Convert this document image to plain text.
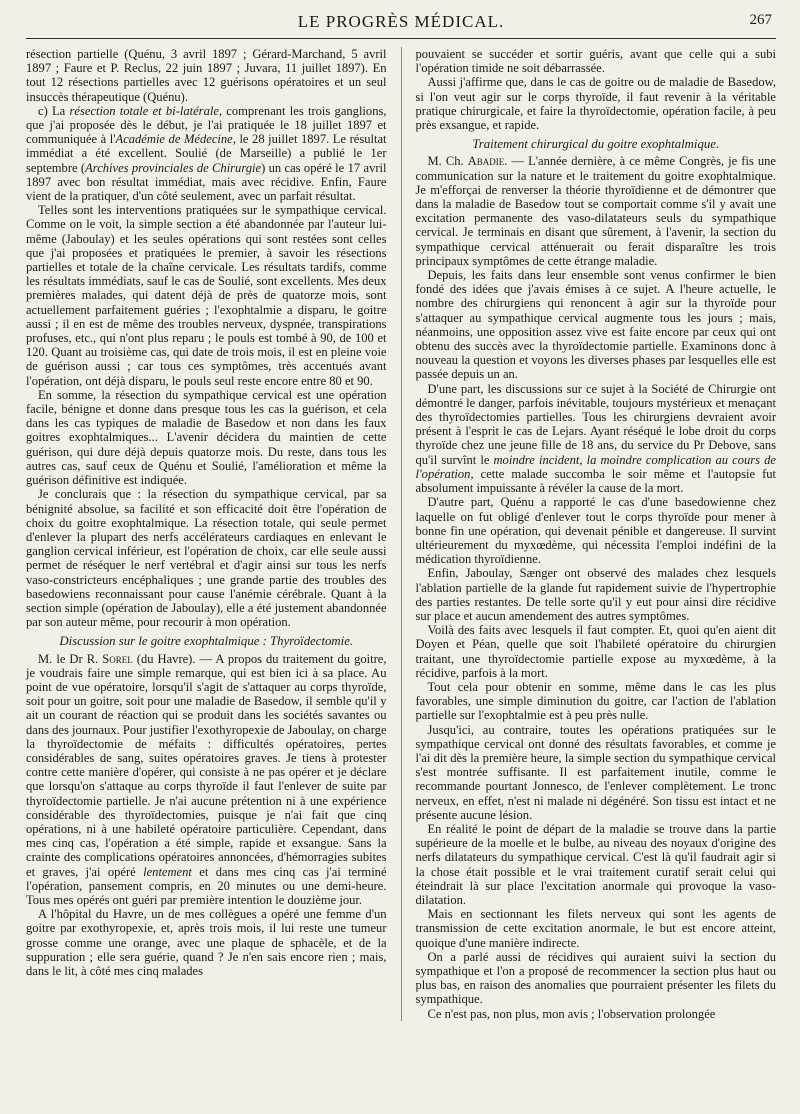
LE PROGRÈS MÉDICAL.	267

résection partielle (Quénu, 3 avril 1897 ; Gérard-Marchand, 5 avril 1897 ; Faure et P. Reclus, 22 juin 1897 ; Juvara, 11 juillet 1897). En tout 12 résections partielles avec 12 guérisons opératoires et un seul insuccès thérapeutique (Quénu).

c) La résection totale et bi-latérale, comprenant les trois ganglions, que j'ai proposée dès le début, je l'ai pratiquée le 18 juillet 1897 et communiquée à l'Académie de Médecine, le 28 juillet 1897. Le résultat immédiat a été excellent. Soulié (de Marseille) a publié le 1er septembre (Archives provinciales de Chirurgie) un cas opéré le 17 avril 1897 avec bon résultat immédiat, mais avec récidive. Enfin, Faure vient de la pratiquer, d'un côté seulement, avec un parfait résultat.

Telles sont les interventions pratiquées sur le sympathique cervical. Comme on le voit, la simple section a été abandonnée par l'auteur lui-même (Jaboulay) et les seules opérations qui sont restées sont celles que j'ai proposées et pratiquées le premier, à savoir les résections partielles et totale de la chaîne cervicale. Les résultats tardifs, comme les résultats immédiats, sauf le cas de Soulié, sont excellents. Mes deux premières malades, qui datent déjà de près de quatorze mois, sont actuellement parfaitement guéries ; l'exophtalmie a disparu, le goitre aussi ; il en est de même des troubles nerveux, dyspnée, transpirations profuses, etc., qui n'ont plus reparu ; le pouls est tombé à 90, de 100 et 120. Quant au troisième cas, qui date de trois mois, il est en pleine voie de guérison aussi ; car tous ces symptômes, très accentués avant l'opération, ont déjà disparu, le pouls seul reste encore entre 80 et 90.

En somme, la résection du sympathique cervical est une opération facile, bénigne et donne dans presque tous les cas la guérison, et cela dans les cas typiques de maladie de Basedow et non dans les faux goitres exophtalmiques... L'avenir décidera du maintien de cette guérison, qui dure déjà depuis quatorze mois. Du reste, dans tous les autres cas, sauf ceux de Quénu et Soulié, l'amélioration et même la guérison définitive est indiquée.

Je conclurais que : la résection du sympathique cervical, par sa bénignité absolue, sa facilité et son efficacité doit être l'opération de choix du goitre exophtalmique. La résection totale, qui seule permet d'enlever la plupart des nerfs accélérateurs cardiaques en enlevant le ganglion cervical inférieur, est l'opération de choix, car elle seule aussi permet de réséquer le nerf vertébral et d'agir ainsi sur tous les nerfs vaso-constricteurs encéphaliques ; une grande partie des troubles des basedowiens reconnaissant pour cause l'anémie cérébrale. Quant à la section simple (opération de Jaboulay), elle a été justement abandonnée par son auteur même, pour recourir à mon opération.

Discussion sur le goitre exophtalmique : Thyroïdectomie.

M. le Dr R. Sorel (du Havre). — A propos du traitement du goitre, je voudrais faire une simple remarque, qui est bien ici à sa place. Au point de vue opératoire, lorsqu'il s'agit de s'attaquer au corps thyroïde, soit pour un goitre, soit pour une maladie de Basedow, il semble qu'il y ait un courant de réaction qui se produit dans les sociétés savantes ou dans des journaux. Pour justifier l'exothyropexie de Jaboulay, on charge la thyroïdectomie de méfaits : difficultés opératoires, pertes considérables de sang, suites opératoires graves. Je tiens à protester contre cette manière d'opérer, qui consiste à ne pas opérer et je déclare que lorsqu'on s'attaque au corps thyroïde il faut l'enlever de suite par thyroïdectomie partielle. Je n'ai aucune prétention ni à une expérience considérable des thyroïdectomies, puisque je n'ai fait que cinq opérations, ni à une habileté opératoire particulière. Cependant, dans mes cinq cas, l'opération a été simple, rapide et exsangue. Sans la crainte des complications opératoires annoncées, d'hémorragies subites et graves, j'ai opéré lentement et dans mes cinq cas j'ai terminé l'opération, pansement compris, en 20 minutes ou une demi-heure. Tous mes opérés ont guéri par première intention le douzième jour.

A l'hôpital du Havre, un de mes collègues a opéré une femme d'un goitre par exothyropexie, et, après trois mois, il lui reste une tumeur grosse comme une orange, avec une plaque de sphacèle, et de la suppuration ; elle sera guérie, quand ? Je n'en sais encore rien ; mais, dans le lit, à côté mes cinq malades

pouvaient se succéder et sortir guéris, avant que celle qui a subi l'opération timide ne soit débarrassée.

Aussi j'affirme que, dans le cas de goitre ou de maladie de Basedow, si l'on veut agir sur le corps thyroïde, il faut revenir à la véritable pratique chirurgicale, et faire la thyroïdectomie, opération facile, à peu près exsangue, et rapide.

Traitement chirurgical du goitre exophtalmique.

M. Ch. Abadie. — L'année dernière, à ce même Congrès, je fis une communication sur la nature et le traitement du goitre exophtalmique. Je m'efforçai de renverser la théorie thyroïdienne et de démontrer que dans la maladie de Basedow tout se comportait comme s'il y avait une excitation permanente des vaso-dilatateurs seuls du sympathique cervical. Je terminais en disant que sûrement, à l'avenir, la section du sympathique cervical atténuerait ou ferait disparaître les trois principaux symptômes de cette étrange maladie.

Depuis, les faits dans leur ensemble sont venus confirmer le bien fondé des idées que j'avais émises à ce sujet. A l'heure actuelle, le nombre des chirurgiens qui renoncent à agir sur la thyroïde pour s'attaquer au sympathique cervical augmente tous les jours ; mais, néanmoins, une opposition assez vive est faite encore par ceux qui ont obtenu des succès avec la thyroïdectomie partielle. Examinons donc à nouveau la question et voyons les diverses phases par lesquelles elle est passée depuis un an.

D'une part, les discussions sur ce sujet à la Société de Chirurgie ont démontré le danger, parfois inévitable, toujours mystérieux et menaçant des thyroïdectomies partielles. Tous les chirurgiens devraient avoir présent à l'esprit le cas de Lejars. Ayant réséqué le lobe droit du corps thyroïde chez une jeune fille de 18 ans, du service du Pr Debove, sans qu'il survînt le moindre incident, la moindre complication au cours de l'opération, cette malade succomba le soir même et l'autopsie fut absolument impuissante à révéler la cause de la mort.

D'autre part, Quénu a rapporté le cas d'une basedowienne chez laquelle on fut obligé d'enlever tout le corps thyroïde pour mener à bonne fin une opération, qui devenait pénible et dangereuse. Il survint ultérieurement du myxœdème, qui nécessita l'emploi indéfini de la médication thyroïdienne.

Enfin, Jaboulay, Sænger ont observé des malades chez lesquels l'ablation partielle de la glande fut rapidement suivie de l'hypertrophie des parties restantes. De telle sorte qu'il y eut pour ainsi dire récidive sur place et aucun amendement des autres symptômes.

Voilà des faits avec lesquels il faut compter. Et, quoi qu'en aient dit Doyen et Péan, quelle que soit l'habileté opératoire du chirurgien traitant, une thyroïdectomie partielle expose au myxœdème, à la récidive, parfois à la mort.

Tout cela pour obtenir en somme, même dans le cas les plus favorables, une simple diminution du goitre, car l'action de l'ablation partielle sur l'exophtalmie est à peu près nulle.

Jusqu'ici, au contraire, toutes les opérations pratiquées sur le sympathique cervical ont donné des résultats favorables, et comme je l'ai dit dès la première heure, la simple section du sympathique cervical s'est montrée suffisante. Il est parfaitement inutile, comme le recommande pourtant Jonnesco, de l'enlever complètement. Le tronc nerveux, en effet, n'est ni malade ni dégénéré. Son tissu est intact et ne présente aucune lésion.

En réalité le point de départ de la maladie se trouve dans la partie supérieure de la moelle et le bulbe, au niveau des noyaux d'origine des nerfs dilatateurs du sympathique cervical. C'est là qu'il faudrait agir si la chose était possible et le vrai traitement curatif serait celui qui éteindrait là sur place l'excitation anormale qui provoque la vaso-dilatation.

Mais en sectionnant les filets nerveux qui sont les agents de transmission de cette excitation anormale, le but est encore atteint, quoique d'une manière indirecte.

On a parlé aussi de récidives qui auraient suivi la section du sympathique et l'on a proposé de recommencer la section plus haut ou plus bas, en raison des anomalies que pourraient présenter les filets du sympathique.

Ce n'est pas, non plus, mon avis ; l'observation prolongée
